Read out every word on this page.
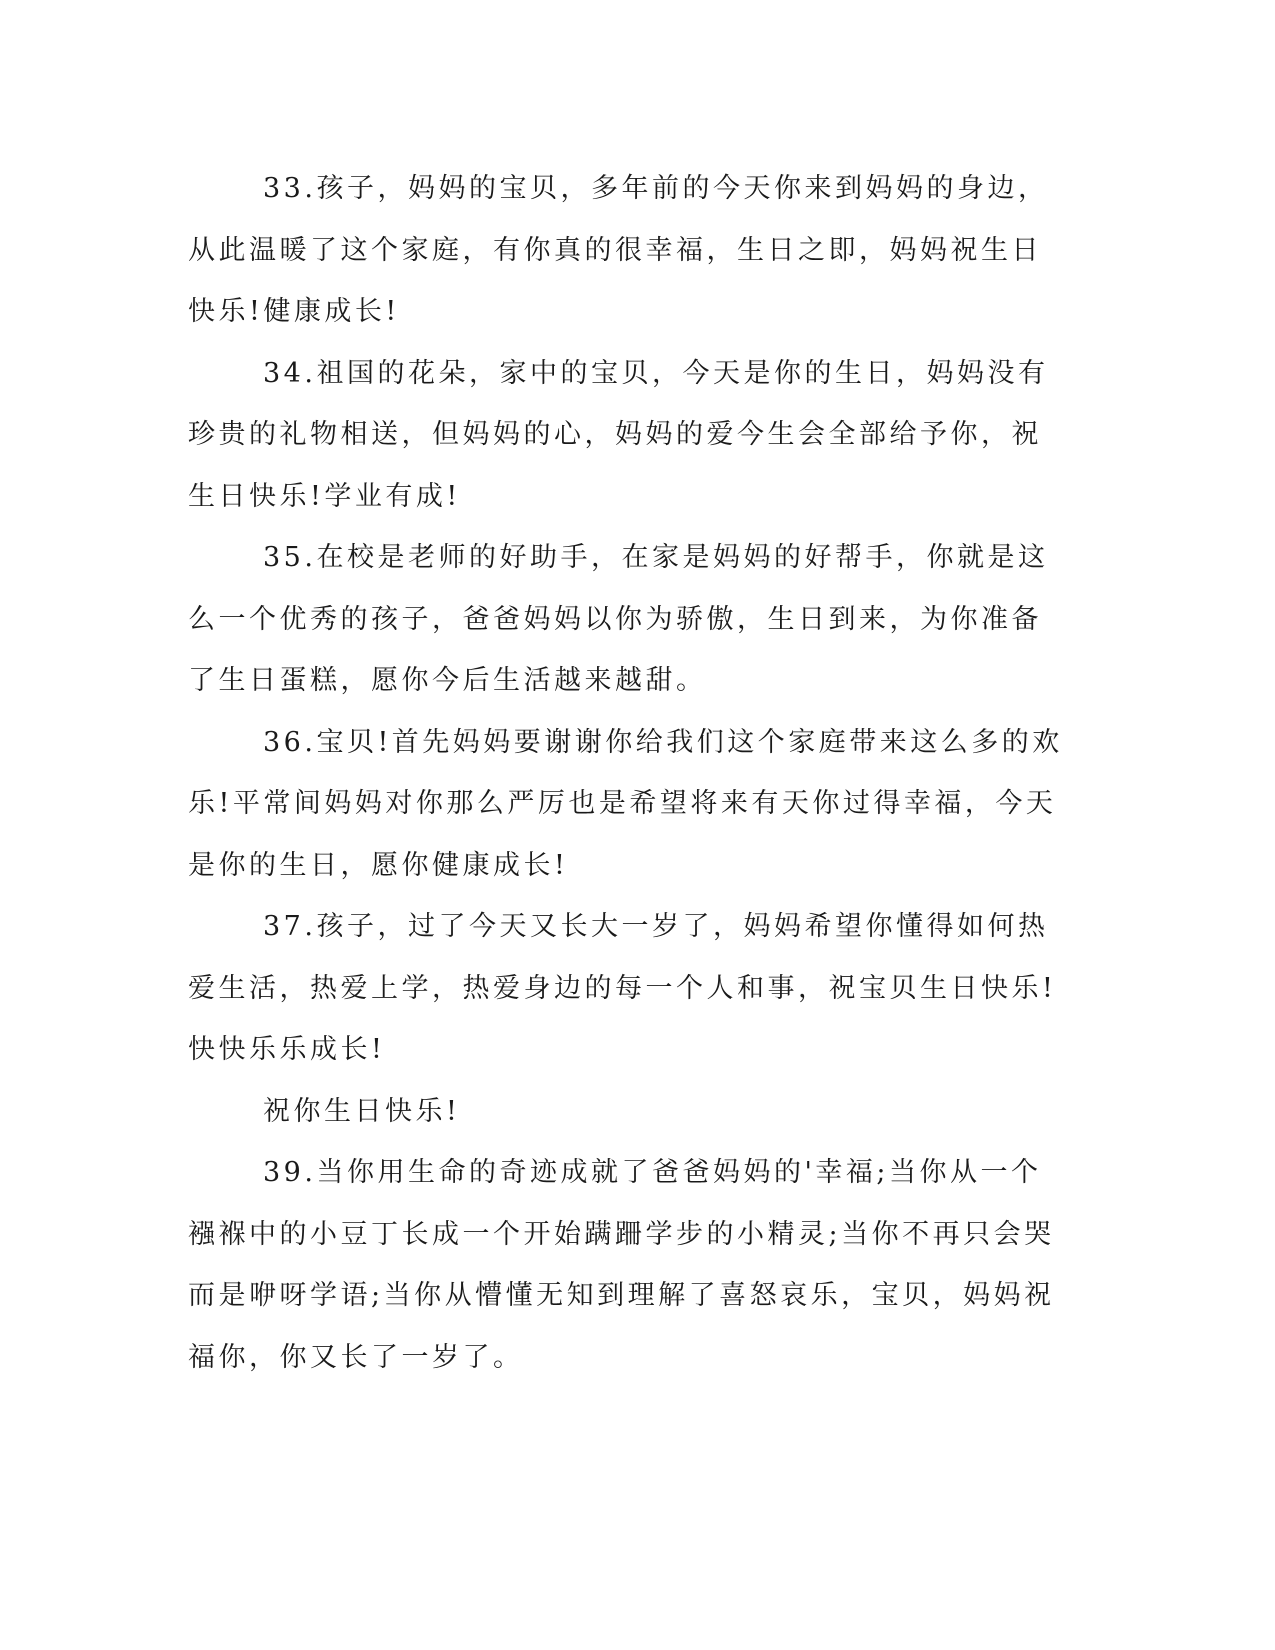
33.孩子，妈妈的宝贝，多年前的今天你来到妈妈的身边，从此温暖了这个家庭，有你真的很幸福，生日之即，妈妈祝生日快乐!健康成长!

34.祖国的花朵，家中的宝贝，今天是你的生日，妈妈没有珍贵的礼物相送，但妈妈的心，妈妈的爱今生会全部给予你，祝生日快乐!学业有成!

35.在校是老师的好助手，在家是妈妈的好帮手，你就是这么一个优秀的孩子，爸爸妈妈以你为骄傲，生日到来，为你准备了生日蛋糕，愿你今后生活越来越甜。

36.宝贝!首先妈妈要谢谢你给我们这个家庭带来这么多的欢乐!平常间妈妈对你那么严厉也是希望将来有天你过得幸福，今天是你的生日，愿你健康成长!

37.孩子，过了今天又长大一岁了，妈妈希望你懂得如何热爱生活，热爱上学，热爱身边的每一个人和事，祝宝贝生日快乐!快快乐乐成长!

祝你生日快乐!

39.当你用生命的奇迹成就了爸爸妈妈的'幸福;当你从一个襁褓中的小豆丁长成一个开始蹒跚学步的小精灵;当你不再只会哭而是咿呀学语;当你从懵懂无知到理解了喜怒哀乐，宝贝，妈妈祝福你，你又长了一岁了。
